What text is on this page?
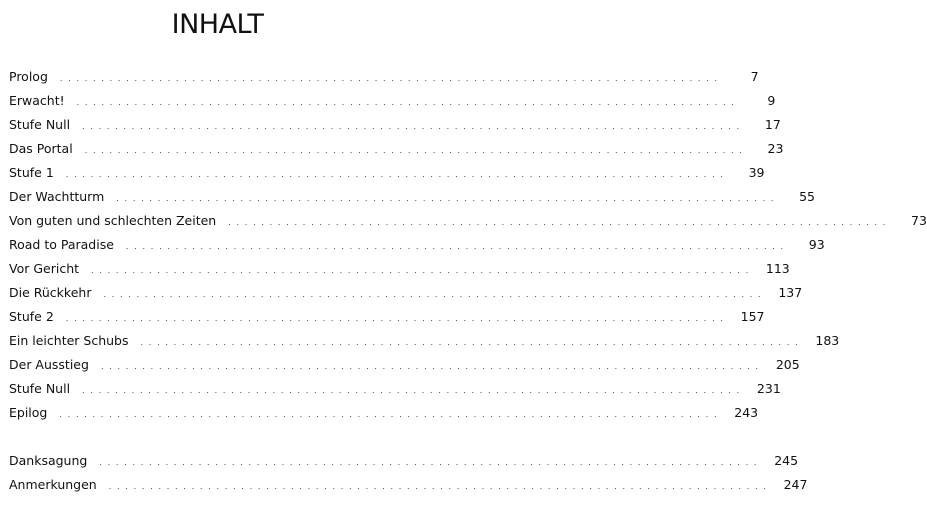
INHALT
Prolog . . . . . . . . . . . . . . . . . . . . . . . . . . . . . . . . . . . . . . . . . . . . . . . . . . . . . . . . . . . . . . . . . . . . . . . . . . . . . . . .	7
Erwacht! . . . . . . . . . . . . . . . . . . . . . . . . . . . . . . . . . . . . . . . . . . . . . . . . . . . . . . . . . . . . . . . . . . . . . . . . . . . . . . . .	9
Stufe Null . . . . . . . . . . . . . . . . . . . . . . . . . . . . . . . . . . . . . . . . . . . . . . . . . . . . . . . . . . . . . . . . . . . . . . . . . . . . . . . .	17
Das Portal . . . . . . . . . . . . . . . . . . . . . . . . . . . . . . . . . . . . . . . . . . . . . . . . . . . . . . . . . . . . . . . . . . . . . . . . . . . . . . . .	23
Stufe 1 . . . . . . . . . . . . . . . . . . . . . . . . . . . . . . . . . . . . . . . . . . . . . . . . . . . . . . . . . . . . . . . . . . . . . . . . . . . . . . . .	39
Der Wachtturm . . . . . . . . . . . . . . . . . . . . . . . . . . . . . . . . . . . . . . . . . . . . . . . . . . . . . . . . . . . . . . . . . . . . . . . . . . . . . . . .	55
Von guten und schlechten Zeiten . . . . . . . . . . . . . . . . . . . . . . . . . . . . . . . . . . . . . . . . . . . . . . . . . . . . . . . . . . . . . . . . . . . . . . . . . . . . . . . .	73
Road to Paradise . . . . . . . . . . . . . . . . . . . . . . . . . . . . . . . . . . . . . . . . . . . . . . . . . . . . . . . . . . . . . . . . . . . . . . . . . . . . . . . .	93
Vor Gericht . . . . . . . . . . . . . . . . . . . . . . . . . . . . . . . . . . . . . . . . . . . . . . . . . . . . . . . . . . . . . . . . . . . . . . . . . . . . . . . . 113
Die Rückkehr . . . . . . . . . . . . . . . . . . . . . . . . . . . . . . . . . . . . . . . . . . . . . . . . . . . . . . . . . . . . . . . . . . . . . . . . . . . . . . . . 137
Stufe 2 . . . . . . . . . . . . . . . . . . . . . . . . . . . . . . . . . . . . . . . . . . . . . . . . . . . . . . . . . . . . . . . . . . . . . . . . . . . . . . . . 157
Ein leichter Schubs . . . . . . . . . . . . . . . . . . . . . . . . . . . . . . . . . . . . . . . . . . . . . . . . . . . . . . . . . . . . . . . . . . . . . . . . . . . . . . . . 183
Der Ausstieg . . . . . . . . . . . . . . . . . . . . . . . . . . . . . . . . . . . . . . . . . . . . . . . . . . . . . . . . . . . . . . . . . . . . . . . . . . . . . . . . 205
Stufe Null . . . . . . . . . . . . . . . . . . . . . . . . . . . . . . . . . . . . . . . . . . . . . . . . . . . . . . . . . . . . . . . . . . . . . . . . . . . . . . . . 231
Epilog . . . . . . . . . . . . . . . . . . . . . . . . . . . . . . . . . . . . . . . . . . . . . . . . . . . . . . . . . . . . . . . . . . . . . . . . . . . . . . . . 243
Danksagung . . . . . . . . . . . . . . . . . . . . . . . . . . . . . . . . . . . . . . . . . . . . . . . . . . . . . . . . . . . . . . . . . . . . . . . . . . . . . . . . 245
Anmerkungen . . . . . . . . . . . . . . . . . . . . . . . . . . . . . . . . . . . . . . . . . . . . . . . . . . . . . . . . . . . . . . . . . . . . . . . . . . . . . . . . 247
